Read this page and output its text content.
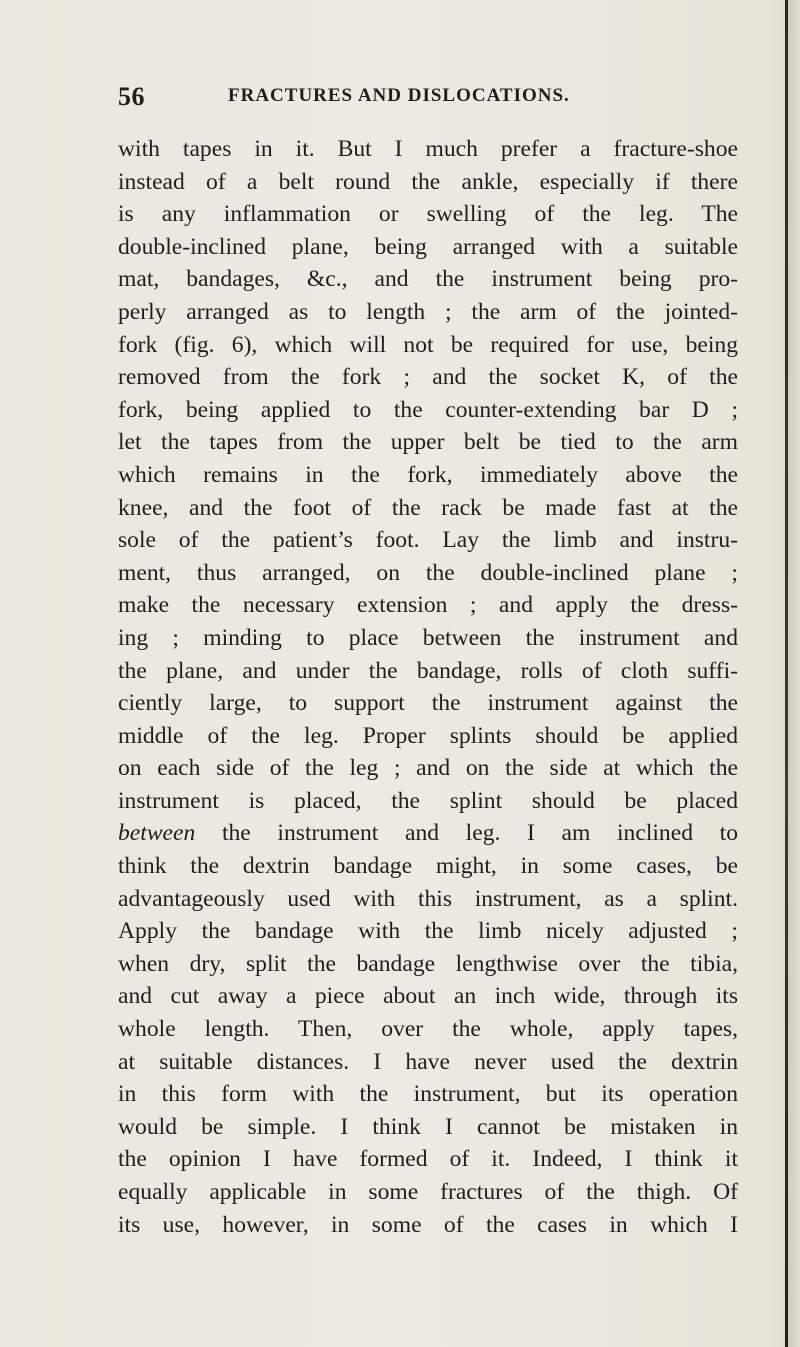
56	FRACTURES AND DISLOCATIONS.
with tapes in it. But I much prefer a fracture-shoe
instead of a belt round the ankle, especially if there
is any inflammation or swelling of the leg. The
double-inclined plane, being arranged with a suitable
mat, bandages, &c., and the instrument being pro-
perly arranged as to length ; the arm of the jointed-
fork (fig. 6), which will not be required for use, being
removed from the fork ; and the socket K, of the
fork, being applied to the counter-extending bar D ;
let the tapes from the upper belt be tied to the arm
which remains in the fork, immediately above the
knee, and the foot of the rack be made fast at the
sole of the patient’s foot. Lay the limb and instru-
ment, thus arranged, on the double-inclined plane ;
make the necessary extension ; and apply the dress-
ing ; minding to place between the instrument and
the plane, and under the bandage, rolls of cloth suffi-
ciently large, to support the instrument against the
middle of the leg. Proper splints should be applied
on each side of the leg ; and on the side at which the
instrument is placed, the splint should be placed
between the instrument and leg. I am inclined to
think the dextrin bandage might, in some cases, be
advantageously used with this instrument, as a splint.
Apply the bandage with the limb nicely adjusted ;
when dry, split the bandage lengthwise over the tibia,
and cut away a piece about an inch wide, through its
whole length. Then, over the whole, apply tapes,
at suitable distances. I have never used the dextrin
in this form with the instrument, but its operation
would be simple. I think I cannot be mistaken in
the opinion I have formed of it. Indeed, I think it
equally applicable in some fractures of the thigh. Of
its use, however, in some of the cases in which I
